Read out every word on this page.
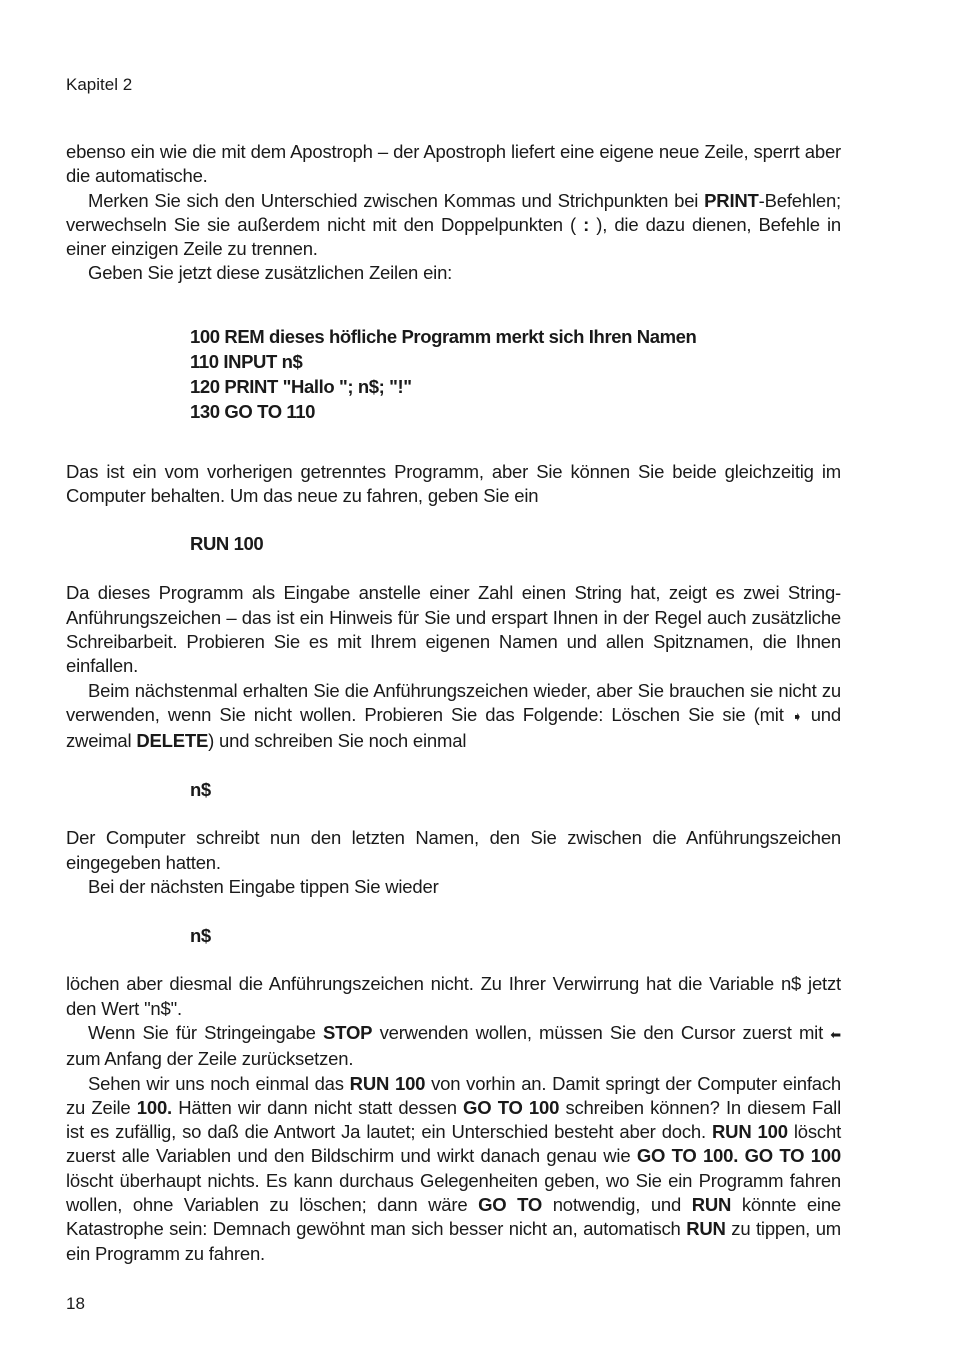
Kapitel 2

ebenso ein wie die mit dem Apostroph – der Apostroph liefert eine eigene neue Zeile, sperrt aber die automatische.

Merken Sie sich den Unterschied zwischen Kommas und Strichpunkten bei PRINT-Befehlen; verwechseln Sie sie außerdem nicht mit den Doppelpunkten ( : ), die dazu dienen, Befehle in einer einzigen Zeile zu trennen.

Geben Sie jetzt diese zusätzlichen Zeilen ein:

100 REM dieses höfliche Programm merkt sich Ihren Namen
110 INPUT n$
120 PRINT "Hallo "; n$; "!"
130 GO TO 110

Das ist ein vom vorherigen getrenntes Programm, aber Sie können Sie beide gleichzeitig im Computer behalten. Um das neue zu fahren, geben Sie ein

RUN 100

Da dieses Programm als Eingabe anstelle einer Zahl einen String hat, zeigt es zwei String-Anführungszeichen – das ist ein Hinweis für Sie und erspart Ihnen in der Regel auch zusätzliche Schreibarbeit. Probieren Sie es mit Ihrem eigenen Namen und allen Spitznamen, die Ihnen einfallen.

Beim nächstenmal erhalten Sie die Anführungszeichen wieder, aber Sie brauchen sie nicht zu verwenden, wenn Sie nicht wollen. Probieren Sie das Folgende: Löschen Sie sie (mit ➧ und zweimal DELETE) und schreiben Sie noch einmal

n$

Der Computer schreibt nun den letzten Namen, den Sie zwischen die Anführungszeichen eingegeben hatten.

Bei der nächsten Eingabe tippen Sie wieder

n$

löchen aber diesmal die Anführungszeichen nicht. Zu Ihrer Verwirrung hat die Variable n$ jetzt den Wert "n$".

Wenn Sie für Stringeingabe STOP verwenden wollen, müssen Sie den Cursor zuerst mit ⬅ zum Anfang der Zeile zurücksetzen.

Sehen wir uns noch einmal das RUN 100 von vorhin an. Damit springt der Computer einfach zu Zeile 100. Hätten wir dann nicht statt dessen GO TO 100 schreiben können? In diesem Fall ist es zufällig, so daß die Antwort Ja lautet; ein Unterschied besteht aber doch. RUN 100 löscht zuerst alle Variablen und den Bildschirm und wirkt danach genau wie GO TO 100. GO TO 100 löscht überhaupt nichts. Es kann durchaus Gelegenheiten geben, wo Sie ein Programm fahren wollen, ohne Variablen zu löschen; dann wäre GO TO notwendig, und RUN könnte eine Katastrophe sein: Demnach gewöhnt man sich besser nicht an, automatisch RUN zu tippen, um ein Programm zu fahren.

18
